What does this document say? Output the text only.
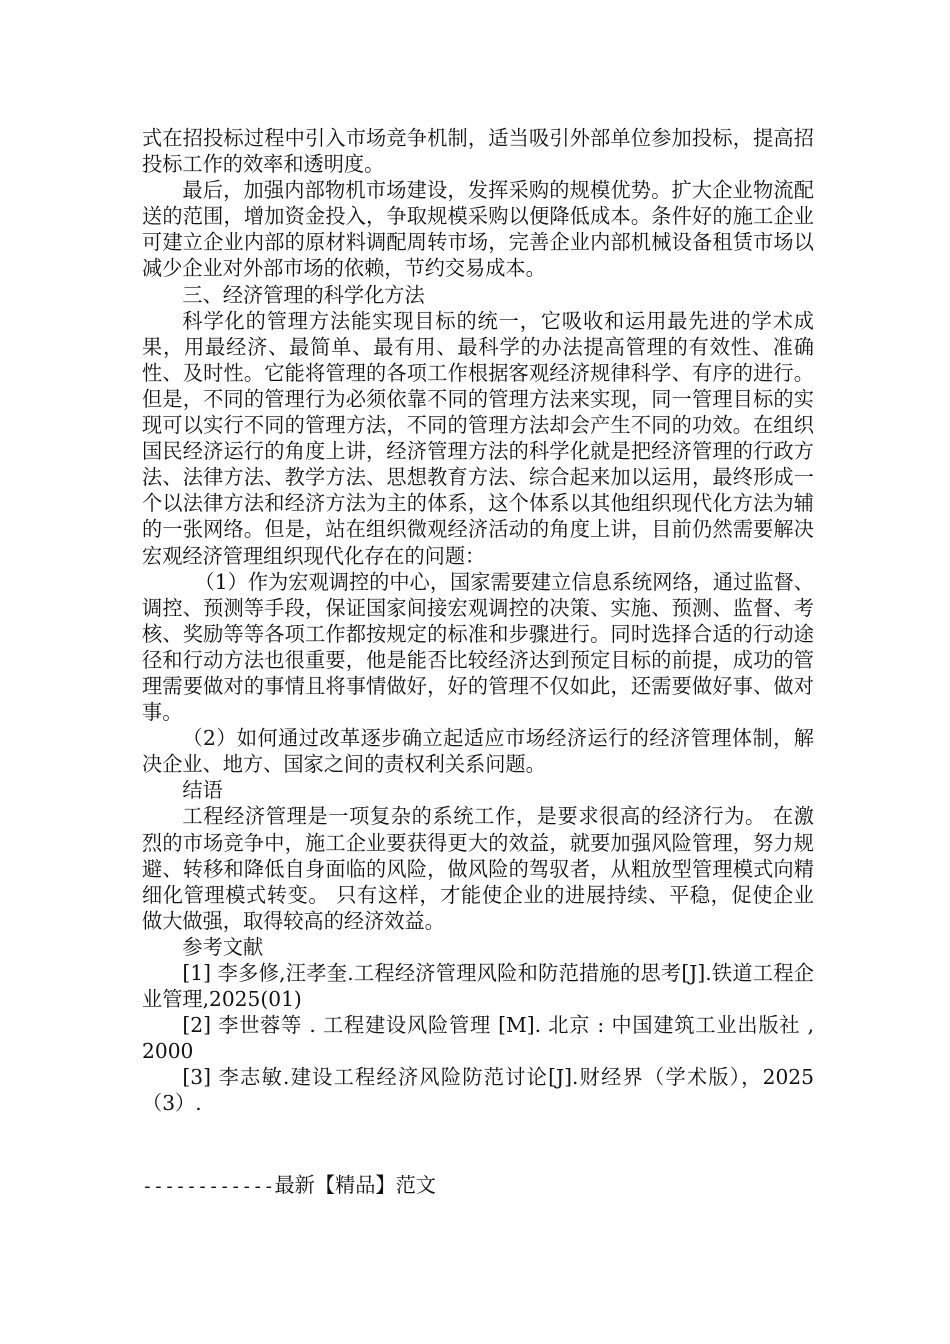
式在招投标过程中引入市场竞争机制，适当吸引外部单位参加投标，提高招投标工作的效率和透明度。

最后，加强内部物机市场建设，发挥采购的规模优势。扩大企业物流配送的范围，增加资金投入，争取规模采购以便降低成本。条件好的施工企业可建立企业内部的原材料调配周转市场，完善企业内部机械设备租赁市场以减少企业对外部市场的依赖，节约交易成本。

三、经济管理的科学化方法

科学化的管理方法能实现目标的统一，它吸收和运用最先进的学术成果，用最经济、最简单、最有用、最科学的办法提高管理的有效性、准确性、及时性。它能将管理的各项工作根据客观经济规律科学、有序的进行。但是，不同的管理行为必须依靠不同的管理方法来实现，同一管理目标的实现可以实行不同的管理方法，不同的管理方法却会产生不同的功效。在组织国民经济运行的角度上讲，经济管理方法的科学化就是把经济管理的行政方法、法律方法、教学方法、思想教育方法、综合起来加以运用，最终形成一个以法律方法和经济方法为主的体系，这个体系以其他组织现代化方法为辅的一张网络。但是，站在组织微观经济活动的角度上讲，目前仍然需要解决宏观经济管理组织现代化存在的问题：

（1）作为宏观调控的中心，国家需要建立信息系统网络，通过监督、调控、预测等手段，保证国家间接宏观调控的决策、实施、预测、监督、考核、奖励等等各项工作都按规定的标准和步骤进行。同时选择合适的行动途径和行动方法也很重要，他是能否比较经济达到预定目标的前提，成功的管理需要做对的事情且将事情做好，好的管理不仅如此，还需要做好事、做对事。

（2）如何通过改革逐步确立起适应市场经济运行的经济管理体制，解决企业、地方、国家之间的责权利关系问题。

结语

工程经济管理是一项复杂的系统工作，是要求很高的经济行为。 在激烈的市场竞争中，施工企业要获得更大的效益，就要加强风险管理，努力规避、转移和降低自身面临的风险，做风险的驾驭者，从粗放型管理模式向精细化管理模式转变。 只有这样，才能使企业的进展持续、平稳，促使企业做大做强，取得较高的经济效益。

参考文献

[1] 李多修,汪孝奎.工程经济管理风险和防范措施的思考[J].铁道工程企业管理,2025(01)

[2] 李世蓉等 . 工程建设风险管理 [M]. 北京 : 中国建筑工业出版社 , 2000

[3] 李志敏.建设工程经济风险防范讨论[J].财经界（学术版），2025（3）.

------------最新【精品】范文
